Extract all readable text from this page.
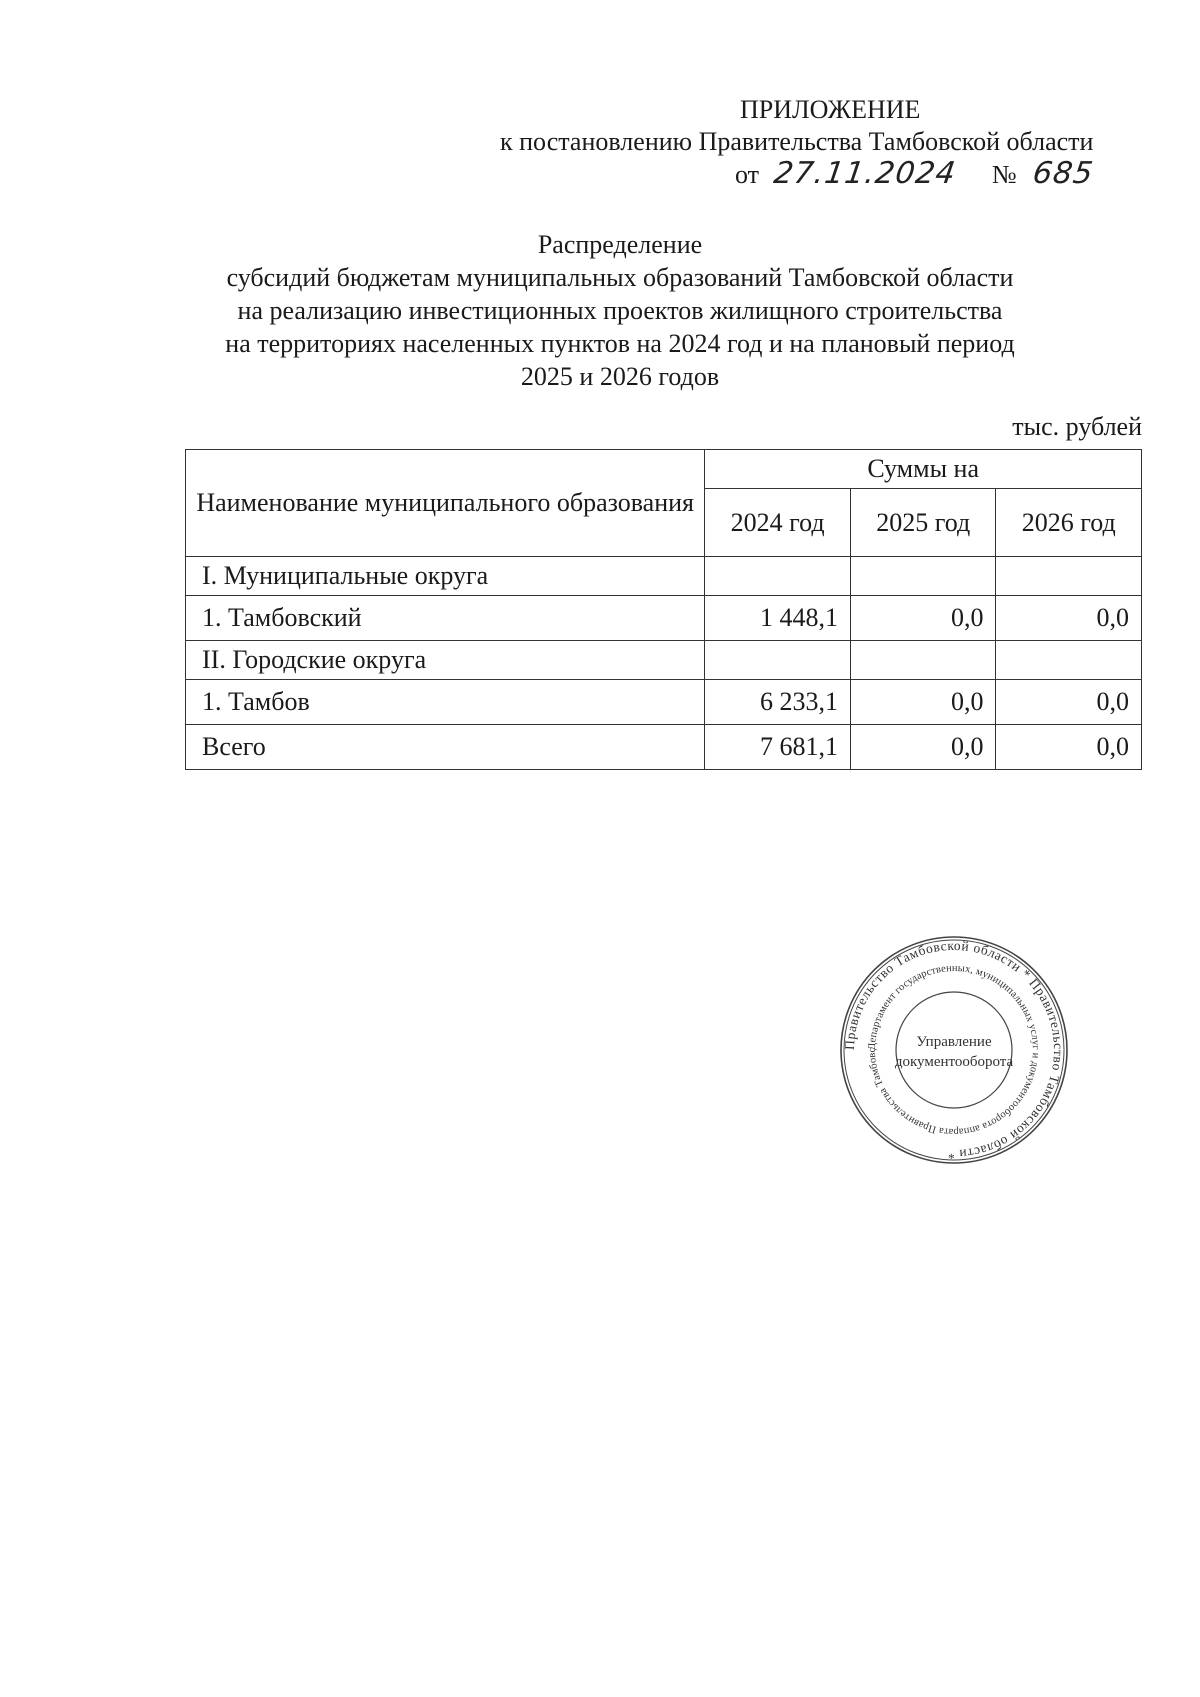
ПРИЛОЖЕНИЕ
к постановлению Правительства Тамбовской области
от 27.11.2024 № 685
Распределение
субсидий бюджетам муниципальных образований Тамбовской области
на реализацию инвестиционных проектов жилищного строительства
на территориях населенных пунктов на 2024 год и на плановый период
2025 и 2026 годов
тыс. рублей
Наименование муниципального образования	Суммы на		
	2024 год	2025 год	2026 год
I. Муниципальные округа			
1. Тамбовский	1 448,1	0,0	0,0
II. Городские округа			
1. Тамбов	6 233,1	0,0	0,0
Всего	7 681,1	0,0	0,0
Правительство Тамбовской области * Правительство Тамбовской области *
Департамент государственных, муниципальных услуг и документооборота аппарата Правительства Тамбовс
Управление
документооборота
